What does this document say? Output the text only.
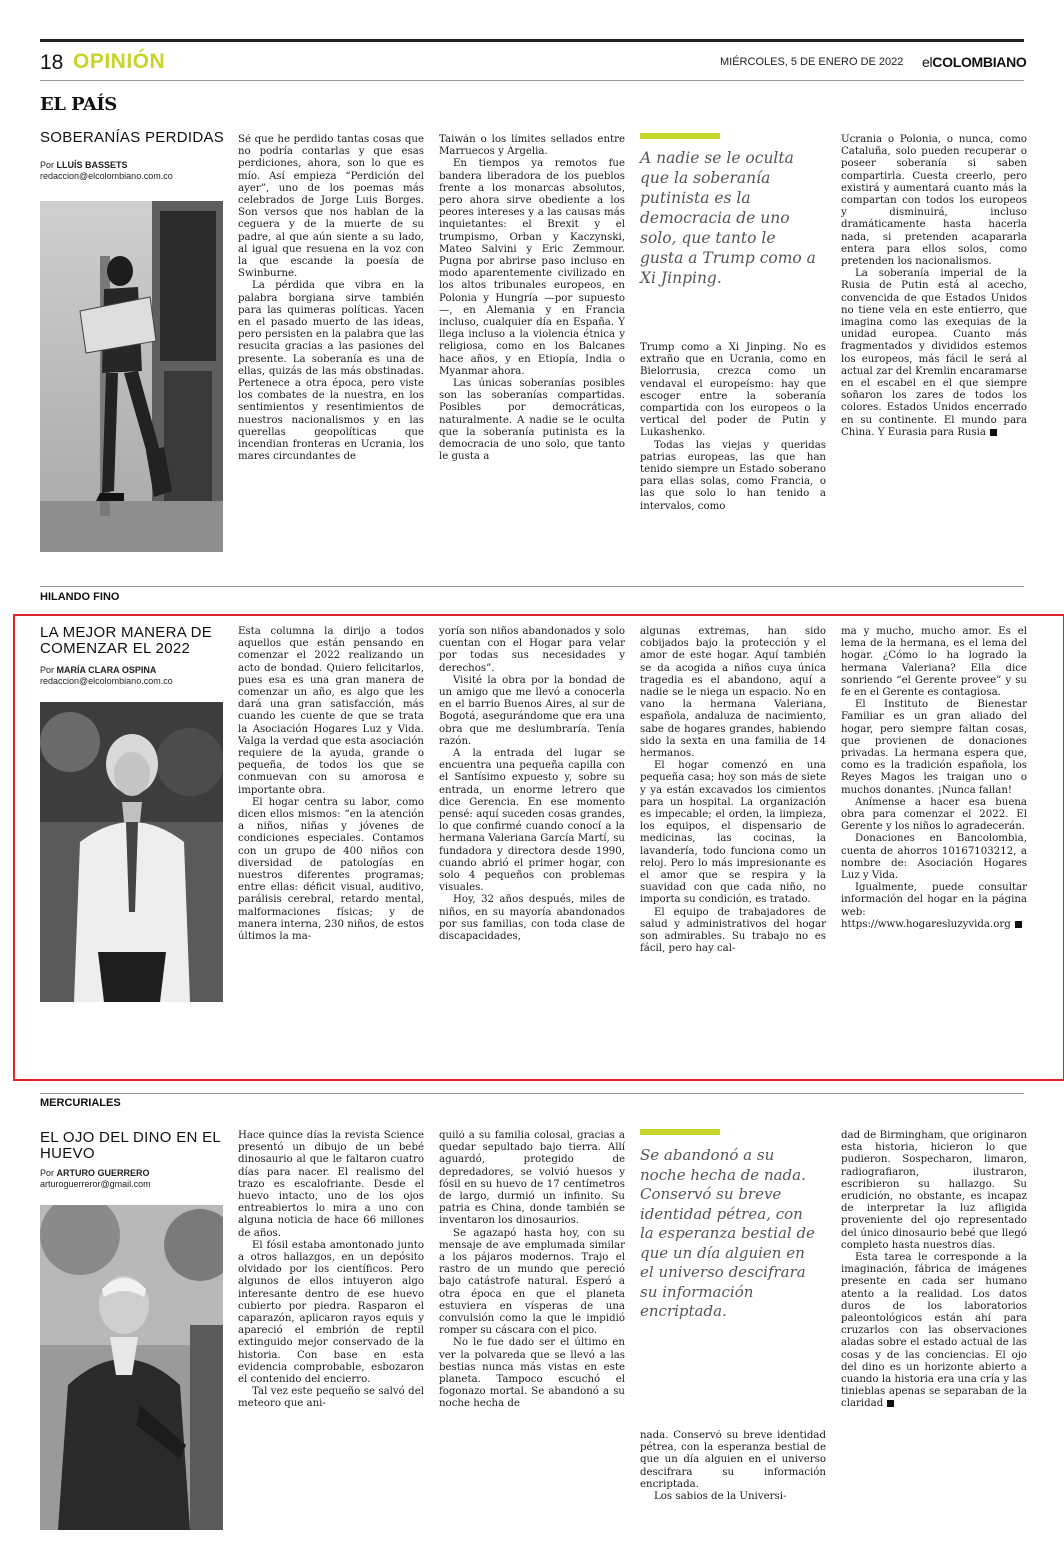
18 OPINIÓN	MIÉRCOLES, 5 DE ENERO DE 2022 elCOLOMBIANO
EL PAÍS
SOBERANÍAS PERDIDAS
Por LLUÍS BASSETS
redaccion@elcolombiano.com.co

Sé que he perdido tantas cosas que no podría contarlas y que esas perdiciones, ahora, son lo que es mío. Así empieza “Perdición del ayer”, uno de los poemas más celebrados de Jorge Luis Borges. Son versos que nos hablan de la ceguera y de la muerte de su padre, al que aún siente a su lado, al igual que resuena en la voz con la que escande la poesía de Swinburne.

La pérdida que vibra en la palabra borgiana sirve también para las quimeras políticas. Yacen en el pasado muerto de las ideas, pero persisten en la palabra que las resucita gracias a las pasiones del presente. La soberanía es una de ellas, quizás de las más obstinadas. Pertenece a otra época, pero viste los combates de la nuestra, en los sentimientos y resentimientos de nuestros nacionalismos y en las querellas geopolíticas que incendian fronteras en Ucrania, los mares circundantes de

Taiwán o los límites sellados entre Marruecos y Argelia.

En tiempos ya remotos fue bandera liberadora de los pueblos frente a los monarcas absolutos, pero ahora sirve obediente a los peores intereses y a las causas más inquietantes: el Brexit y el trumpismo, Orban y Kaczynski, Mateo Salvini y Eric Zemmour. Pugna por abrirse paso incluso en modo aparentemente civilizado en los altos tribunales europeos, en Polonia y Hungría —por supuesto—, en Alemania y en Francia incluso, cualquier día en España. Y llega incluso a la violencia étnica y religiosa, como en los Balcanes hace años, y en Etiopía, India o Myanmar ahora.

Las únicas soberanías posibles son las soberanías compartidas. Posibles por democráticas, naturalmente. A nadie se le oculta que la soberanía putinista es la democracia de uno solo, que tanto le gusta a

A nadie se le oculta que la soberanía putinista es la democracia de uno solo, que tanto le gusta a Trump como a Xi Jinping.

Trump como a Xi Jinping. No es extraño que en Ucrania, como en Bielorrusia, crezca como un vendaval el europeísmo: hay que escoger entre la soberanía compartida con los europeos o la vertical del poder de Putin y Lukashenko.

Todas las viejas y queridas patrias europeas, las que han tenido siempre un Estado soberano para ellas solas, como Francia, o las que solo lo han tenido a intervalos, como

Ucrania o Polonia, o nunca, como Cataluña, solo pueden recuperar o poseer soberanía si saben compartirla. Cuesta creerlo, pero existirá y aumentará cuanto más la compartan con todos los europeos y disminuirá, incluso dramáticamente hasta hacerla nada, si pretenden acapararla entera para ellos solos, como pretenden los nacionalismos.

La soberanía imperial de la Rusia de Putin está al acecho, convencida de que Estados Unidos no tiene vela en este entierro, que imagina como las exequias de la unidad europea. Cuanto más fragmentados y divididos estemos los europeos, más fácil le será al actual zar del Kremlin encaramarse en el escabel en el que siempre soñaron los zares de todos los colores. Estados Unidos encerrado en su continente. El mundo para China. Y Eurasia para Rusia

HILANDO FINO
LA MEJOR MANERA DE COMENZAR EL 2022
Por MARÍA CLARA OSPINA
redaccion@elcolombiano.com.co

Esta columna la dirijo a todos aquellos que están pensando en comenzar el 2022 realizando un acto de bondad. Quiero felicitarlos, pues esa es una gran manera de comenzar un año, es algo que les dará una gran satisfacción, más cuando les cuente de que se trata la Asociación Hogares Luz y Vida. Valga la verdad que esta asociación requiere de la ayuda, grande o pequeña, de todos los que se conmuevan con su amorosa e importante obra.

El hogar centra su labor, como dicen ellos mismos: “en la atención a niños, niñas y jóvenes de condiciones especiales. Contamos con un grupo de 400 niños con diversidad de patologías en nuestros diferentes programas; entre ellas: déficit visual, auditivo, parálisis cerebral, retardo mental, malformaciones físicas; y de manera interna, 230 niños, de estos últimos la ma-

yoría son niños abandonados y solo cuentan con el Hogar para velar por todas sus necesidades y derechos”.

Visité la obra por la bondad de un amigo que me llevó a conocerla en el barrio Buenos Aires, al sur de Bogotá, asegurándome que era una obra que me deslumbraría. Tenía razón.

A la entrada del lugar se encuentra una pequeña capilla con el Santísimo expuesto y, sobre su entrada, un enorme letrero que dice Gerencia. En ese momento pensé: aquí suceden cosas grandes, lo que confirmé cuando conocí a la hermana Valeriana García Martí, su fundadora y directora desde 1990, cuando abrió el primer hogar, con solo 4 pequeños con problemas visuales.

Hoy, 32 años después, miles de niños, en su mayoría abandonados por sus familias, con toda clase de discapacidades,

algunas extremas, han sido cobijados bajo la protección y el amor de este hogar. Aquí también se da acogida a niños cuya única tragedia es el abandono, aquí a nadie se le niega un espacio. No en vano la hermana Valeriana, española, andaluza de nacimiento, sabe de hogares grandes, habiendo sido la sexta en una familia de 14 hermanos.

El hogar comenzó en una pequeña casa; hoy son más de siete y ya están excavados los cimientos para un hospital. La organización es impecable; el orden, la limpieza, los equipos, el dispensario de medicinas, las cocinas, la lavandería, todo funciona como un reloj. Pero lo más impresionante es el amor que se respira y la suavidad con que cada niño, no importa su condición, es tratado.

El equipo de trabajadores de salud y administrativos del hogar son admirables. Su trabajo no es fácil, pero hay cal-

ma y mucho, mucho amor. Es el lema de la hermana, es el lema del hogar. ¿Cómo lo ha logrado la hermana Valeriana? Ella dice sonriendo “el Gerente provee” y su fe en el Gerente es contagiosa.

El Instituto de Bienestar Familiar es un gran aliado del hogar, pero siempre faltan cosas, que provienen de donaciones privadas. La hermana espera que, como es la tradición española, los Reyes Magos les traigan uno o muchos donantes. ¡Nunca fallan!

Anímense a hacer esa buena obra para comenzar el 2022. El Gerente y los niños lo agradecerán.

Donaciones en Bancolombia, cuenta de ahorros 10167103212, a nombre de: Asociación Hogares Luz y Vida.

Igualmente, puede consultar información del hogar en la página web: https://www.hogaresluzyvida.org

MERCURIALES
EL OJO DEL DINO EN EL HUEVO
Por ARTURO GUERRERO
arturoguerreror@gmail.com

Hace quince días la revista Science presentó un dibujo de un bebé dinosaurio al que le faltaron cuatro días para nacer. El realismo del trazo es escalofriante. Desde el huevo intacto, uno de los ojos entreabiertos lo mira a uno con alguna noticia de hace 66 millones de años.

El fósil estaba amontonado junto a otros hallazgos, en un depósito olvidado por los científicos. Pero algunos de ellos intuyeron algo interesante dentro de ese huevo cubierto por piedra. Rasparon el caparazón, aplicaron rayos equis y apareció el embrión de reptil extinguido mejor conservado de la historia. Con base en esta evidencia comprobable, esbozaron el contenido del encierro.

Tal vez este pequeño se salvó del meteoro que ani-

quiló a su familia colosal, gracias a quedar sepultado bajo tierra. Allí aguardó, protegido de depredadores, se volvió huesos y fósil en su huevo de 17 centímetros de largo, durmió un infinito. Su patria es China, donde también se inventaron los dinosaurios.

Se agazapó hasta hoy, con su mensaje de ave emplumada similar a los pájaros modernos. Trajo el rastro de un mundo que pereció bajo catástrofe natural. Esperó a otra época en que el planeta estuviera en vísperas de una convulsión como la que le impidió romper su cáscara con el pico.

No le fue dado ser el último en ver la polvareda que se llevó a las bestias nunca más vistas en este planeta. Tampoco escuchó el fogonazo mortal. Se abandonó a su noche hecha de

Se abandonó a su noche hecha de nada. Conservó su breve identidad pétrea, con la esperanza bestial de que un día alguien en el universo descifrara su información encriptada.

nada. Conservó su breve identidad pétrea, con la esperanza bestial de que un día alguien en el universo descifrara su información encriptada.

Los sabios de la Universi-

dad de Birmingham, que originaron esta historia, hicieron lo que pudieron. Sospecharon, limaron, radiografiaron, ilustraron, escribieron su hallazgo. Su erudición, no obstante, es incapaz de interpretar la luz afligida proveniente del ojo representado del único dinosaurio bebé que llegó completo hasta nuestros días.

Esta tarea le corresponde a la imaginación, fábrica de imágenes presente en cada ser humano atento a la realidad. Los datos duros de los laboratorios paleontológicos están ahí para cruzarlos con las observaciones aladas sobre el estado actual de las cosas y de las conciencias. El ojo del dino es un horizonte abierto a cuando la historia era una cría y las tinieblas apenas se separaban de la claridad
